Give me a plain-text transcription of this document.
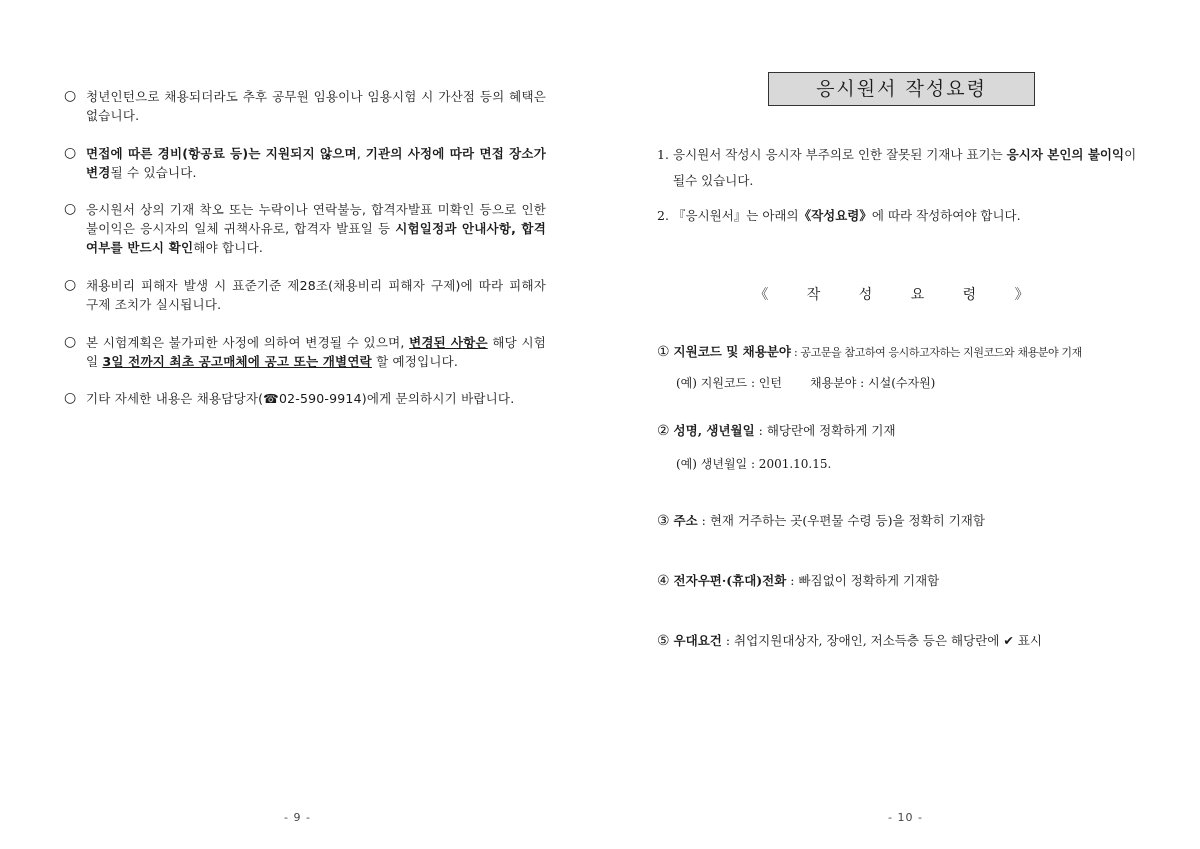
○ 청년인턴으로 채용되더라도 추후 공무원 임용이나 임용시험 시 가산점 등의 혜택은 없습니다.
○ 면접에 따른 경비(항공료 등)는 지원되지 않으며, 기관의 사정에 따라 면접 장소가 변경될 수 있습니다.
○ 응시원서 상의 기재 착오 또는 누락이나 연락불능, 합격자발표 미확인 등으로 인한 불이익은 응시자의 일체 귀책사유로, 합격자 발표일 등 시험일정과 안내사항, 합격여부를 반드시 확인해야 합니다.
○ 채용비리 피해자 발생 시 표준기준 제28조(채용비리 피해자 구제)에 따라 피해자 구제 조치가 실시됩니다.
○ 본 시험계획은 불가피한 사정에 의하여 변경될 수 있으며, 변경된 사항은 해당 시험일 3일 전까지 최초 공고매체에 공고 또는 개별연락 할 예정입니다.
○ 기타 자세한 내용은 채용담당자(☎02-590-9914)에게 문의하시기 바랍니다.
- 9 -
응시원서 작성요령
1. 응시원서 작성시 응시자 부주의로 인한 잘못된 기재나 표기는 응시자 본인의 불이익이 될수 있습니다.
2. 『응시원서』는 아래의《작성요령》에 따라 작성하여야 합니다.
《 작 성 요 령 》
① 지원코드 및 채용분야 : 공고문을 참고하여 응시하고자하는 지원코드와 채용분야 기재
(예) 지원코드 : 인턴 채용분야 : 시설(수자원)
② 성명, 생년월일 : 해당란에 정확하게 기재
(예) 생년월일 : 2001.10.15.
③ 주소 : 현재 거주하는 곳(우편물 수령 등)을 정확히 기재함
④ 전자우편·(휴대)전화 : 빠짐없이 정확하게 기재함
⑤ 우대요건 : 취업지원대상자, 장애인, 저소득층 등은 해당란에 ✔ 표시
- 10 -
